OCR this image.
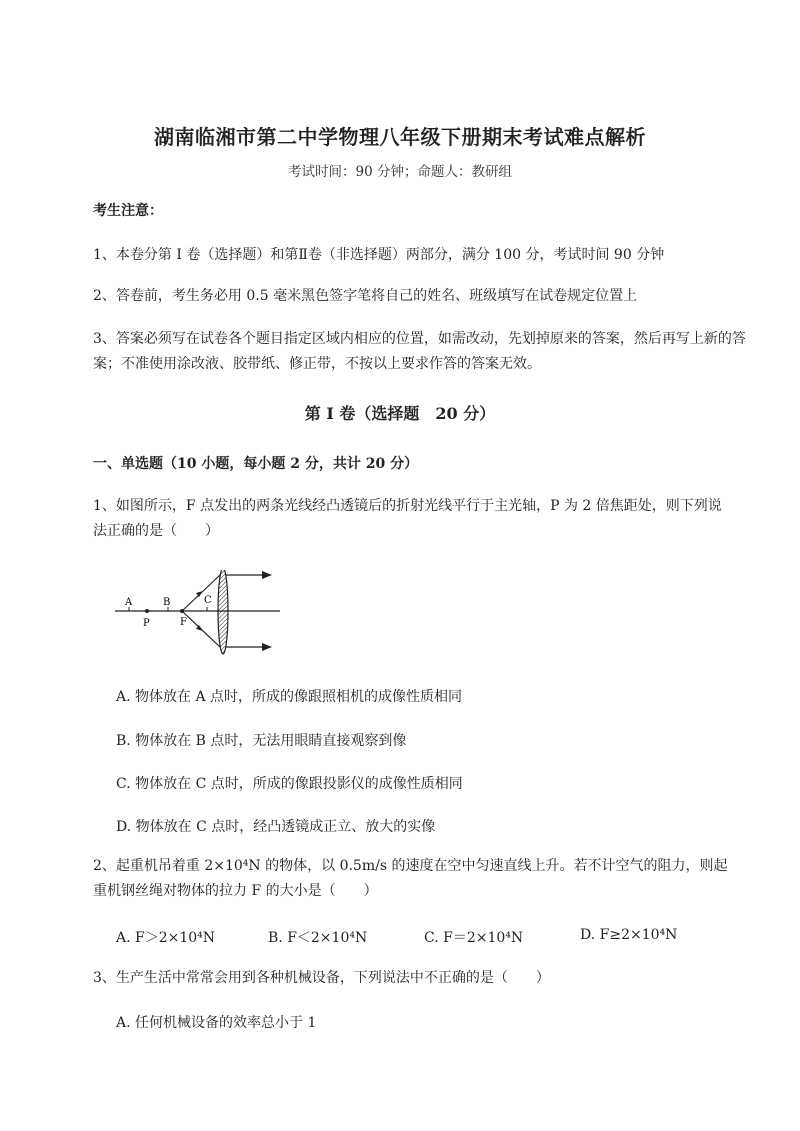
湖南临湘市第二中学物理八年级下册期末考试难点解析
考试时间：90 分钟；命题人：教研组
考生注意：
1、本卷分第 I 卷（选择题）和第Ⅱ卷（非选择题）两部分，满分 100 分，考试时间 90 分钟
2、答卷前，考生务必用 0.5 毫米黑色签字笔将自己的姓名、班级填写在试卷规定位置上
3、答案必须写在试卷各个题目指定区域内相应的位置，如需改动，先划掉原来的答案，然后再写上新的答案；不准使用涂改液、胶带纸、修正带，不按以上要求作答的答案无效。
第 I 卷（选择题　20 分）
一、单选题（10 小题，每小题 2 分，共计 20 分）
1、如图所示，F 点发出的两条光线经凸透镜后的折射光线平行于主光轴，P 为 2 倍焦距处，则下列说
法正确的是（　　）
A	B	C
P	F
A. 物体放在 A 点时，所成的像跟照相机的成像性质相同
B. 物体放在 B 点时，无法用眼睛直接观察到像
C. 物体放在 C 点时，所成的像跟投影仪的成像性质相同
D. 物体放在 C 点时，经凸透镜成正立、放大的实像
2、起重机吊着重 2×10⁴N 的物体，以 0.5m/s 的速度在空中匀速直线上升。若不计空气的阻力，则起
重机钢丝绳对物体的拉力 F 的大小是（　　）
A. F＞2×10⁴N	B. F＜2×10⁴N	C. F＝2×10⁴N	D. F≥2×10⁴N
3、生产生活中常常会用到各种机械设备，下列说法中不正确的是（　　）
A. 任何机械设备的效率总小于 1
